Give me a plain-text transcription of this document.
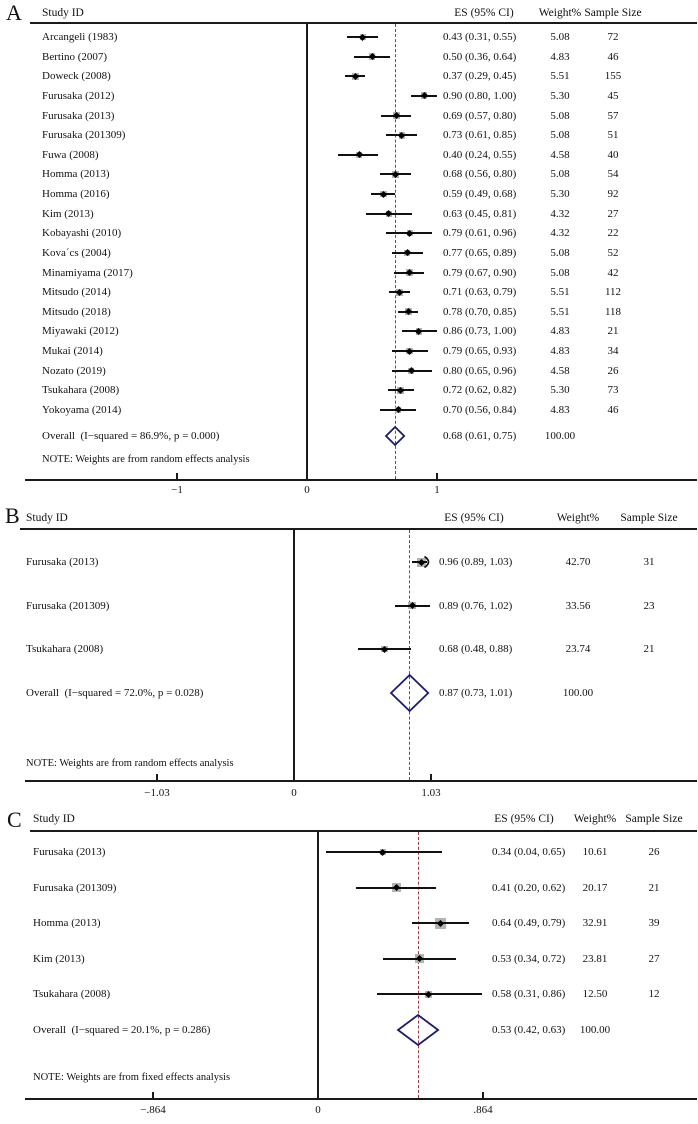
A Study ID	ES (95% CI)	Weight% Sample Size
Arcangeli (1983)	0.43 (0.31, 0.55)	5.08	72
Bertino (2007)	0.50 (0.36, 0.64)	4.83	46
Doweck (2008)	0.37 (0.29, 0.45)	5.51	155
Furusaka (2012)	0.90 (0.80, 1.00)	5.30	45
Furusaka (2013)	0.69 (0.57, 0.80)	5.08	57
Furusaka (201309)	0.73 (0.61, 0.85)	5.08	51
Fuwa (2008)	0.40 (0.24, 0.55)	4.58	40
Homma (2013)	0.68 (0.56, 0.80)	5.08	54
Homma (2016)	0.59 (0.49, 0.68)	5.30	92
Kim (2013)	0.63 (0.45, 0.81)	4.32	27
Kobayashi (2010)	0.79 (0.61, 0.96)	4.32	22
Kova´cs (2004)	0.77 (0.65, 0.89)	5.08	52
Minamiyama (2017)	0.79 (0.67, 0.90)	5.08	42
Mitsudo (2014)	0.71 (0.63, 0.79)	5.51	112
Mitsudo (2018)	0.78 (0.70, 0.85)	5.51	118
Miyawaki (2012)	0.86 (0.73, 1.00)	4.83	21
Mukai (2014)	0.79 (0.65, 0.93)	4.83	34
Nozato (2019)	0.80 (0.65, 0.96)	4.58	26
Tsukahara (2008)	0.72 (0.62, 0.82)	5.30	73
Yokoyama (2014)	0.70 (0.56, 0.84)	4.83	46
Overall  (I−squared = 86.9%, p = 0.000)	0.68 (0.61, 0.75)	100.00
NOTE: Weights are from random effects analysis
−1	0	1
B Study ID	ES (95% CI)	Weight%	Sample Size
Furusaka (2013)	0.96 (0.89, 1.03)	42.70	31
Furusaka (201309)	0.89 (0.76, 1.02)	33.56	23
Tsukahara (2008)	0.68 (0.48, 0.88)	23.74	21
Overall  (I−squared = 72.0%, p = 0.028)	0.87 (0.73, 1.01)	100.00
NOTE: Weights are from random effects analysis
−1.03	0	1.03
C Study ID	ES (95% CI)	Weight% Sample Size
Furusaka (2013)	0.34 (0.04, 0.65)	10.61	26
Furusaka (201309)	0.41 (0.20, 0.62)	20.17	21
Homma (2013)	0.64 (0.49, 0.79)	32.91	39
Kim (2013)	0.53 (0.34, 0.72)	23.81	27
Tsukahara (2008)	0.58 (0.31, 0.86)	12.50	12
Overall  (I−squared = 20.1%, p = 0.286)	0.53 (0.42, 0.63)	100.00
NOTE: Weights are from fixed effects analysis
−.864	0	.864
